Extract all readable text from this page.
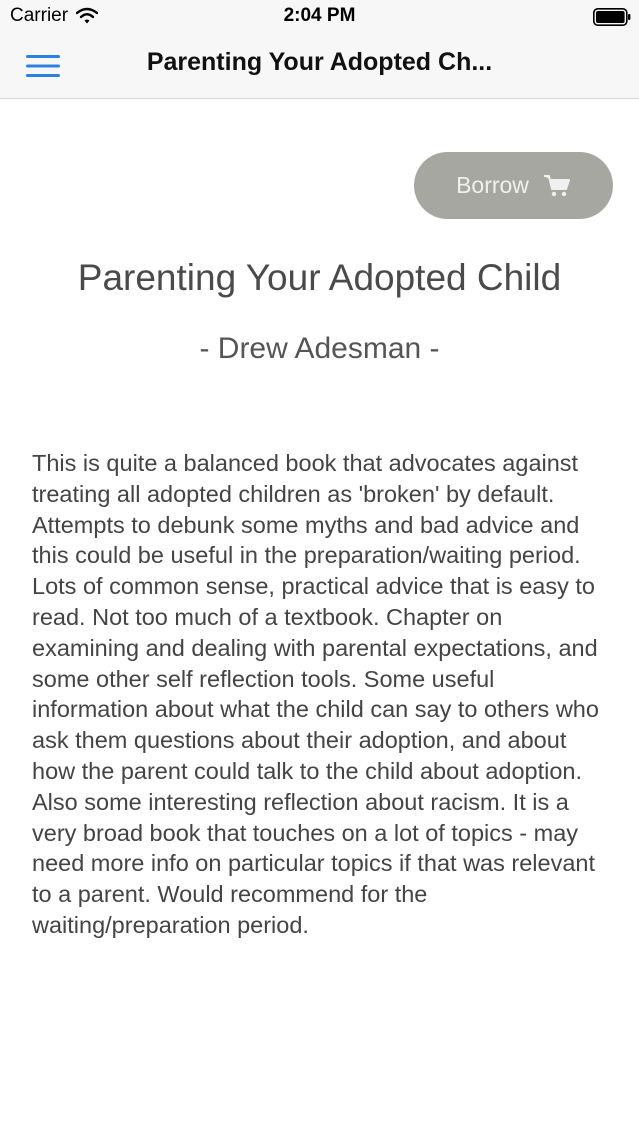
Carrier	2:04 PM
Parenting Your Adopted Ch...
Borrow
Parenting Your Adopted Child
- Drew Adesman -
This is quite a balanced book that advocates against treating all adopted children as 'broken' by default. Attempts to debunk some myths and bad advice and this could be useful in the preparation/waiting period. Lots of common sense, practical advice that is easy to read. Not too much of a textbook. Chapter on examining and dealing with parental expectations, and some other self reflection tools. Some useful information about what the child can say to others who ask them questions about their adoption, and about how the parent could talk to the child about adoption. Also some interesting reflection about racism. It is a very broad book that touches on a lot of topics - may need more info on particular topics if that was relevant to a parent. Would recommend for the waiting/preparation period.
